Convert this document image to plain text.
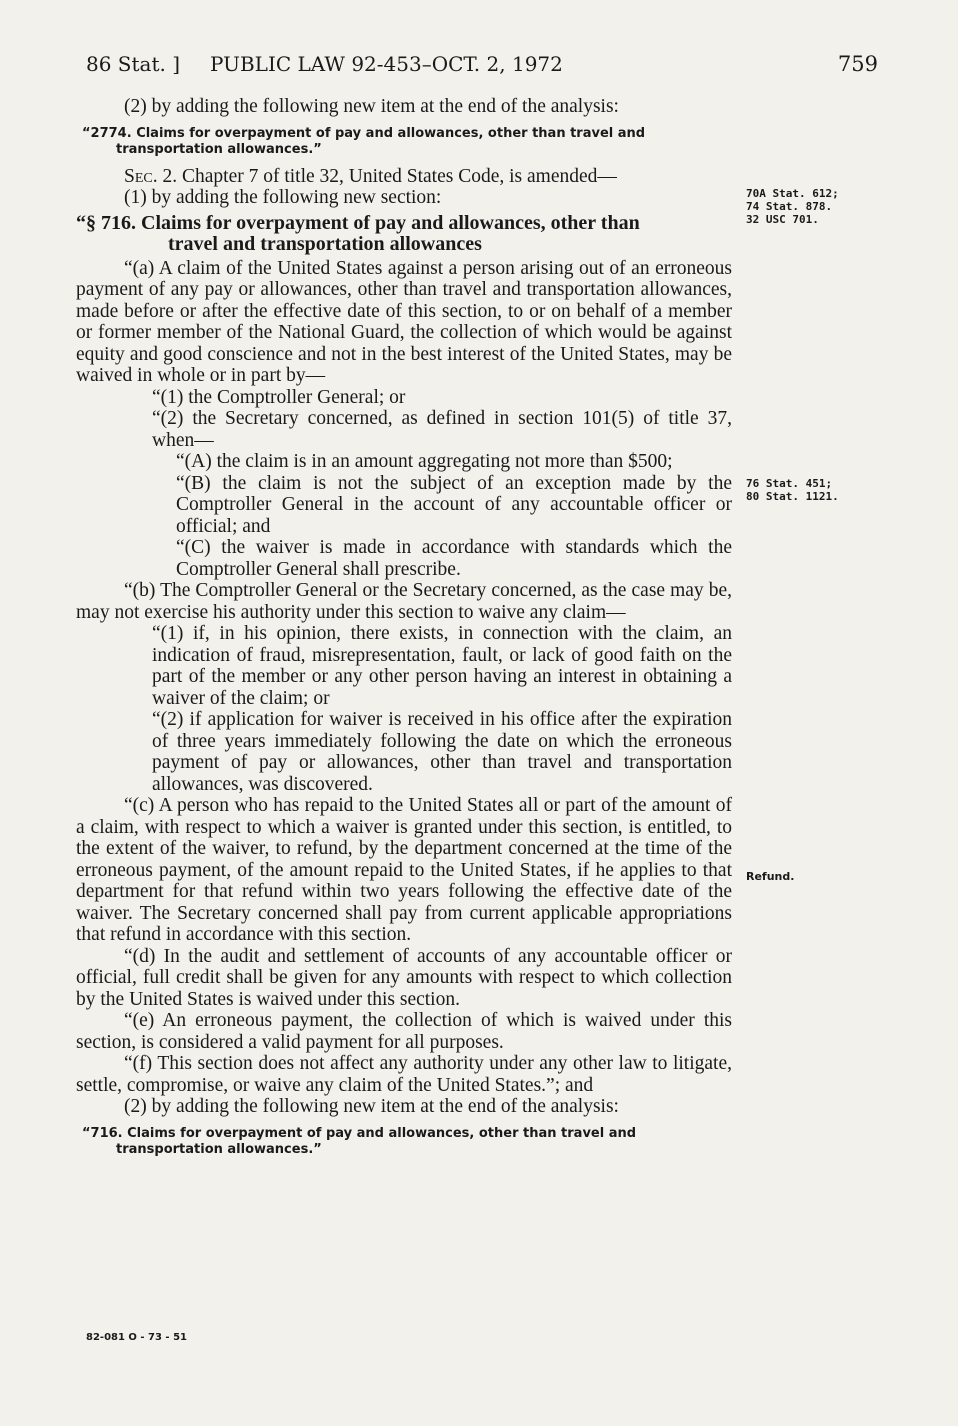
86 Stat. ] PUBLIC LAW 92-453–OCT. 2, 1972	759

(2) by adding the following new item at the end of the analysis:

“2774. Claims for overpayment of pay and allowances, other than travel and transportation allowances.”

Sec. 2. Chapter 7 of title 32, United States Code, is amended—

(1) by adding the following new section:

“§ 716. Claims for overpayment of pay and allowances, other than
travel and transportation allowances

“(a) A claim of the United States against a person arising out of an erroneous payment of any pay or allowances, other than travel and transportation allowances, made before or after the effective date of this section, to or on behalf of a member or former member of the National Guard, the collection of which would be against equity and good conscience and not in the best interest of the United States, may be waived in whole or in part by—

“(1) the Comptroller General; or

“(2) the Secretary concerned, as defined in section 101(5) of title 37, when—

“(A) the claim is in an amount aggregating not more than $500;

“(B) the claim is not the subject of an exception made by the Comptroller General in the account of any accountable officer or official; and

“(C) the waiver is made in accordance with standards which the Comptroller General shall prescribe.

“(b) The Comptroller General or the Secretary concerned, as the case may be, may not exercise his authority under this section to waive any claim—

“(1) if, in his opinion, there exists, in connection with the claim, an indication of fraud, misrepresentation, fault, or lack of good faith on the part of the member or any other person having an interest in obtaining a waiver of the claim; or

“(2) if application for waiver is received in his office after the expiration of three years immediately following the date on which the erroneous payment of pay or allowances, other than travel and transportation allowances, was discovered.

“(c) A person who has repaid to the United States all or part of the amount of a claim, with respect to which a waiver is granted under this section, is entitled, to the extent of the waiver, to refund, by the department concerned at the time of the erroneous payment, of the amount repaid to the United States, if he applies to that department for that refund within two years following the effective date of the waiver. The Secretary concerned shall pay from current applicable appropriations that refund in accordance with this section.

“(d) In the audit and settlement of accounts of any accountable officer or official, full credit shall be given for any amounts with respect to which collection by the United States is waived under this section.

“(e) An erroneous payment, the collection of which is waived under this section, is considered a valid payment for all purposes.

“(f) This section does not affect any authority under any other law to litigate, settle, compromise, or waive any claim of the United States.”; and

(2) by adding the following new item at the end of the analysis:

“716. Claims for overpayment of pay and allowances, other than travel and transportation allowances.”

70A Stat. 612;
74 Stat. 878.
32 USC 701.
76 Stat. 451;
80 Stat. 1121.
Refund.
82-081 O - 73 - 51
